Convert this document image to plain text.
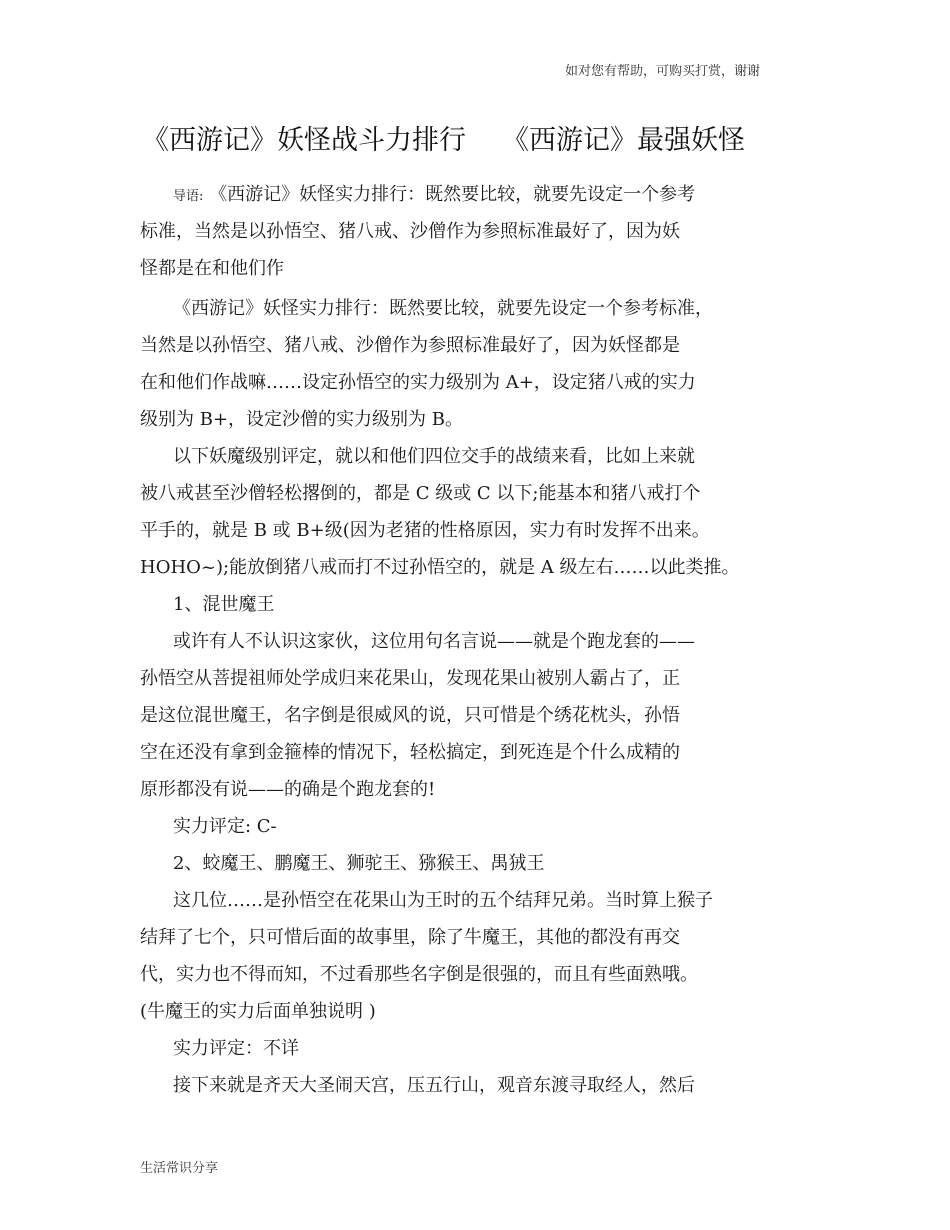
如对您有帮助，可购买打赏，谢谢
《西游记》妖怪战斗力排行 《西游记》最强妖怪
导语: 《西游记》妖怪实力排行：既然要比较，就要先设定一个参考
标准，当然是以孙悟空、猪八戒、沙僧作为参照标准最好了，因为妖
怪都是在和他们作
《西游记》妖怪实力排行：既然要比较，就要先设定一个参考标准，
当然是以孙悟空、猪八戒、沙僧作为参照标准最好了，因为妖怪都是
在和他们作战嘛……设定孙悟空的实力级别为 A+，设定猪八戒的实力
级别为 B+，设定沙僧的实力级别为 B。
以下妖魔级别评定，就以和他们四位交手的战绩来看，比如上来就
被八戒甚至沙僧轻松撂倒的，都是 C 级或 C 以下;能基本和猪八戒打个
平手的，就是 B 或 B+级(因为老猪的性格原因，实力有时发挥不出来。
HOHO~);能放倒猪八戒而打不过孙悟空的，就是 A 级左右……以此类推。
1、混世魔王
或许有人不认识这家伙，这位用句名言说——就是个跑龙套的——
孙悟空从菩提祖师处学成归来花果山，发现花果山被别人霸占了，正
是这位混世魔王，名字倒是很威风的说，只可惜是个绣花枕头，孙悟
空在还没有拿到金箍棒的情况下，轻松搞定，到死连是个什么成精的
原形都没有说——的确是个跑龙套的!
实力评定: C-
2、蛟魔王、鹏魔王、狮驼王、猕猴王、禺狨王
这几位……是孙悟空在花果山为王时的五个结拜兄弟。当时算上猴子
结拜了七个，只可惜后面的故事里，除了牛魔王，其他的都没有再交
代，实力也不得而知，不过看那些名字倒是很强的，而且有些面熟哦。
(牛魔王的实力后面单独说明 )
实力评定：不详
接下来就是齐天大圣闹天宫，压五行山，观音东渡寻取经人，然后
生活常识分享
